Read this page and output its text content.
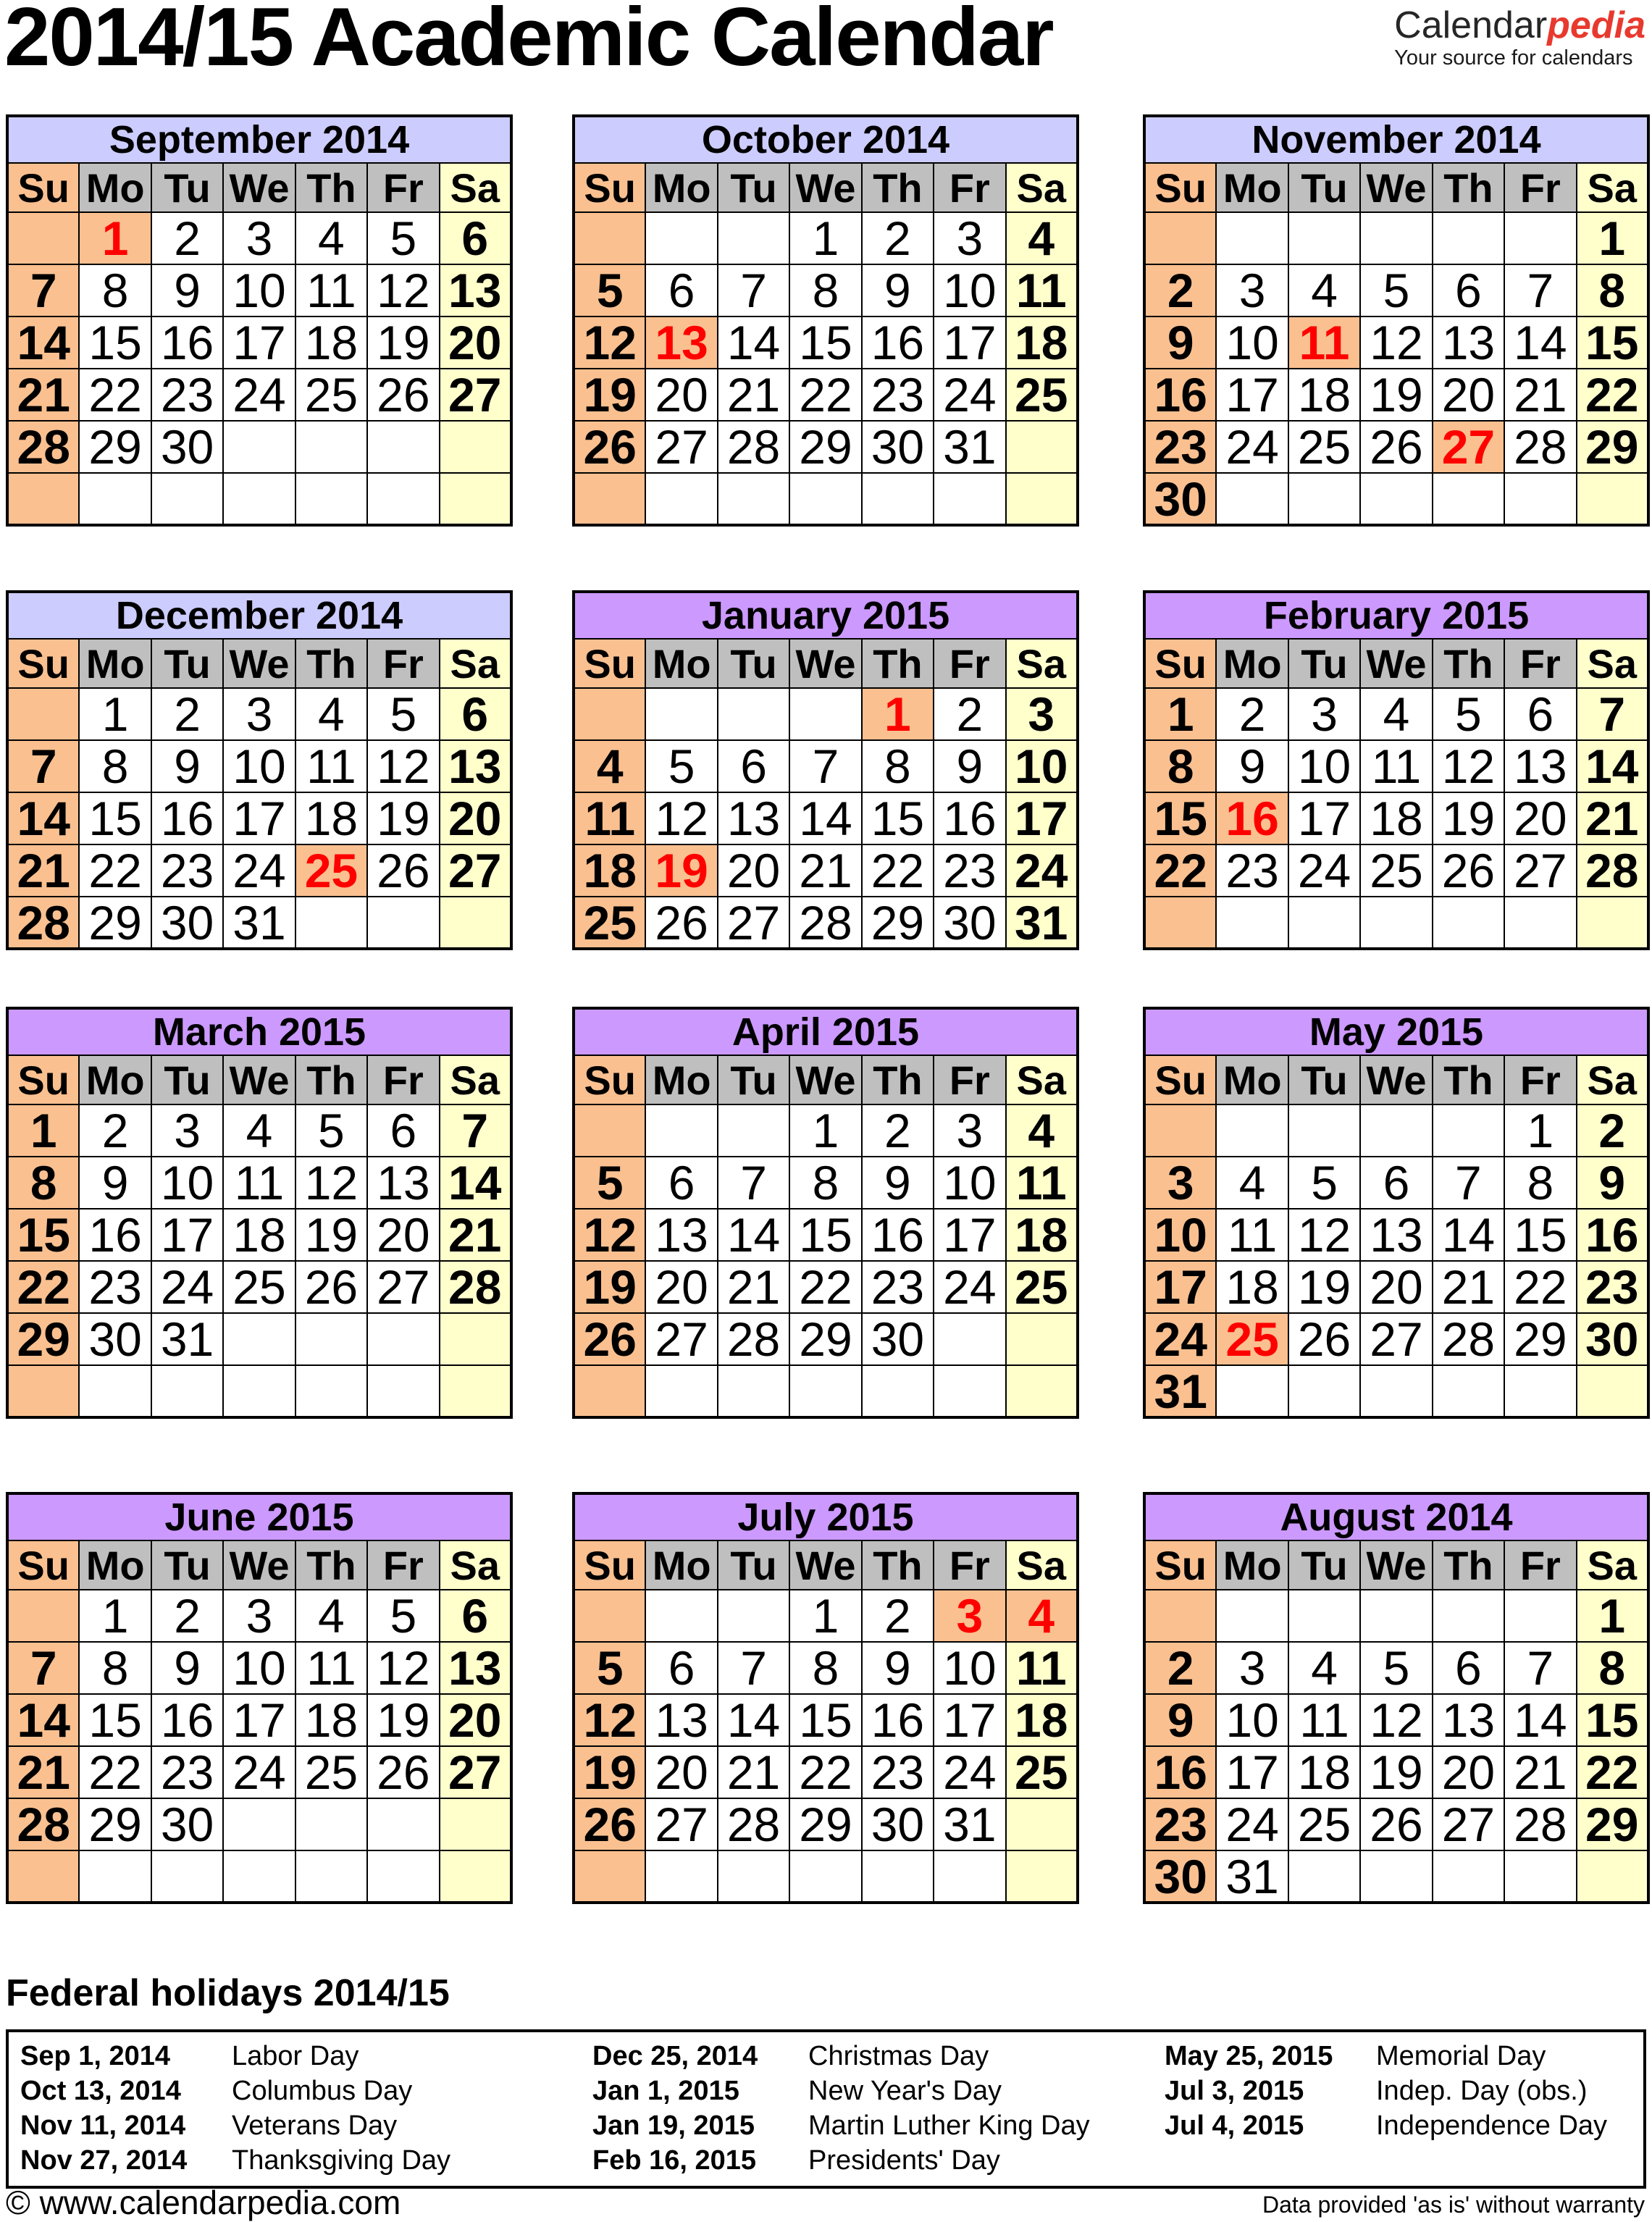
2014/15 Academic Calendar	Calendarpedia
Your source for calendars
September 2014						
Su	Mo	Tu	We	Th	Fr	Sa
	1	2	3	4	5	6
7	8	9	10	11	12	13
14	15	16	17	18	19	20
21	22	23	24	25	26	27
28	29	30				

October 2014						
Su	Mo	Tu	We	Th	Fr	Sa
			1	2	3	4
5	6	7	8	9	10	11
12	13	14	15	16	17	18
19	20	21	22	23	24	25
26	27	28	29	30	31	

November 2014						
Su	Mo	Tu	We	Th	Fr	Sa
						1
2	3	4	5	6	7	8
9	10	11	12	13	14	15
16	17	18	19	20	21	22
23	24	25	26	27	28	29
30						
December 2014						
Su	Mo	Tu	We	Th	Fr	Sa
	1	2	3	4	5	6
7	8	9	10	11	12	13
14	15	16	17	18	19	20
21	22	23	24	25	26	27
28	29	30	31			
January 2015						
Su	Mo	Tu	We	Th	Fr	Sa
				1	2	3
4	5	6	7	8	9	10
11	12	13	14	15	16	17
18	19	20	21	22	23	24
25	26	27	28	29	30	31
February 2015						
Su	Mo	Tu	We	Th	Fr	Sa
1	2	3	4	5	6	7
8	9	10	11	12	13	14
15	16	17	18	19	20	21
22	23	24	25	26	27	28

March 2015						
Su	Mo	Tu	We	Th	Fr	Sa
1	2	3	4	5	6	7
8	9	10	11	12	13	14
15	16	17	18	19	20	21
22	23	24	25	26	27	28
29	30	31				

April 2015						
Su	Mo	Tu	We	Th	Fr	Sa
			1	2	3	4
5	6	7	8	9	10	11
12	13	14	15	16	17	18
19	20	21	22	23	24	25
26	27	28	29	30		

May 2015						
Su	Mo	Tu	We	Th	Fr	Sa
					1	2
3	4	5	6	7	8	9
10	11	12	13	14	15	16
17	18	19	20	21	22	23
24	25	26	27	28	29	30
31						
June 2015						
Su	Mo	Tu	We	Th	Fr	Sa
	1	2	3	4	5	6
7	8	9	10	11	12	13
14	15	16	17	18	19	20
21	22	23	24	25	26	27
28	29	30				

July 2015						
Su	Mo	Tu	We	Th	Fr	Sa
			1	2	3	4
5	6	7	8	9	10	11
12	13	14	15	16	17	18
19	20	21	22	23	24	25
26	27	28	29	30	31	

August 2014						
Su	Mo	Tu	We	Th	Fr	Sa
						1
2	3	4	5	6	7	8
9	10	11	12	13	14	15
16	17	18	19	20	21	22
23	24	25	26	27	28	29
30	31					
Federal holidays 2014/15
Sep 1, 2014	Labor Day	Dec 25, 2014	Christmas Day	May 25, 2015	Memorial Day
Oct 13, 2014	Columbus Day	Jan 1, 2015	New Year's Day	Jul 3, 2015	Indep. Day (obs.)
Nov 11, 2014	Veterans Day	Jan 19, 2015	Martin Luther King Day	Jul 4, 2015	Independence Day
Nov 27, 2014	Thanksgiving Day	Feb 16, 2015	Presidents' Day
© www.calendarpedia.com	Data provided 'as is' without warranty
